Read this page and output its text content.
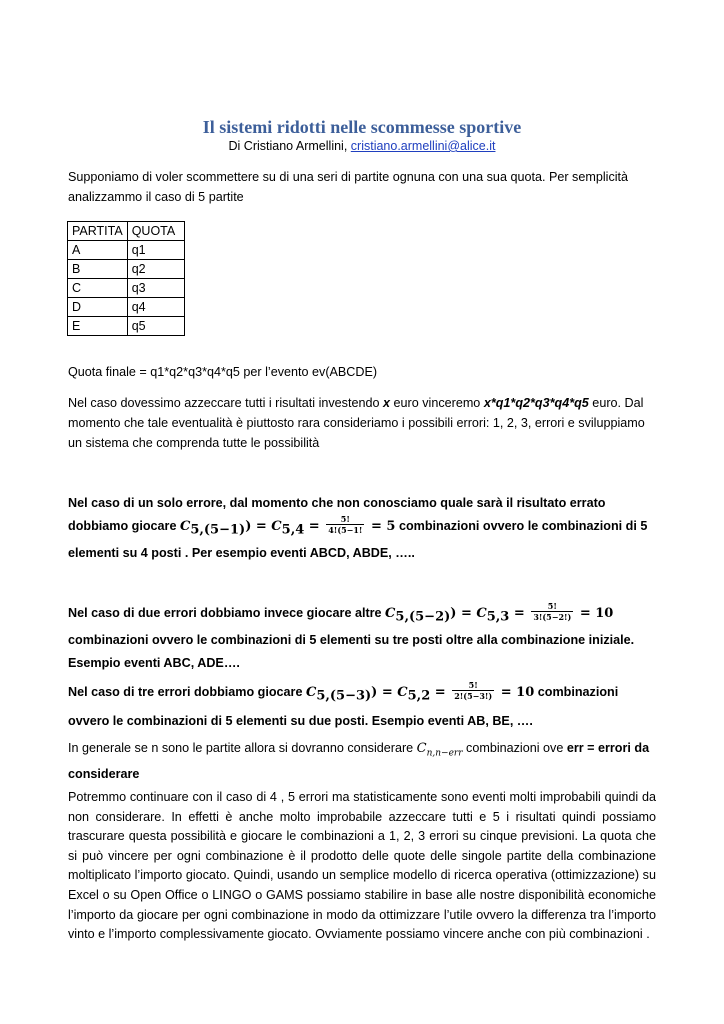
Il sistemi ridotti nelle scommesse sportive

Di Cristiano Armellini, cristiano.armellini@alice.it

Supponiamo di voler scommettere su di una seri di partite ognuna con una sua quota. Per semplicità analizzammo il caso di 5 partite

PARTITA	QUOTA
A	q1
B	q2
C	q3
D	q4
E	q5

Quota finale = q1*q2*q3*q4*q5 per l’evento ev(ABCDE)

Nel caso dovessimo azzeccare tutti i risultati investendo x euro vinceremo x*q1*q2*q3*q4*q5 euro. Dal momento che tale eventualità è piuttosto rara consideriamo i possibili errori: 1, 2, 3, errori e sviluppiamo un sistema che comprenda tutte le possibilità

Nel caso di un solo errore, dal momento che non conosciamo quale sarà il risultato errato dobbiamo giocare $C_{5,(5-1)}) = C_{5,4} = \frac{5!}{4!(5-1!} = 5$ combinazioni ovvero le combinazioni di 5 elementi su 4 posti . Per esempio eventi ABCD, ABDE, …..

Nel caso di due errori dobbiamo invece giocare altre $C_{5,(5-2)}) = C_{5,3} = \frac{5!}{3!(5-2!)} = 10$ combinazioni ovvero le combinazioni di 5 elementi su tre posti oltre alla combinazione iniziale. Esempio eventi ABC, ADE….

Nel caso di tre errori dobbiamo giocare $C_{5,(5-3)}) = C_{5,2} = \frac{5!}{2!(5-3!)} = 10$ combinazioni ovvero le combinazioni di 5 elementi su due posti. Esempio eventi AB, BE, ….

In generale se n sono le partite allora si dovranno considerare $C_{n,n-err}$ combinazioni ove err = errori da considerare

Potremmo continuare con il caso di 4 , 5 errori ma statisticamente sono eventi molti improbabili quindi da non considerare. In effetti è anche molto improbabile azzeccare tutti e 5 i risultati quindi possiamo trascurare questa possibilità e giocare le combinazioni a 1, 2, 3 errori su cinque previsioni. La quota che si può vincere per ogni combinazione è il prodotto delle quote delle singole partite della combinazione moltiplicato l’importo giocato. Quindi, usando un semplice modello di ricerca operativa (ottimizzazione) su Excel o su Open Office o LINGO o GAMS possiamo stabilire in base alle nostre disponibilità economiche l’importo da giocare per ogni combinazione in modo da ottimizzare l’utile ovvero la differenza tra l’importo vinto e l’importo complessivamente giocato. Ovviamente possiamo vincere anche con più combinazioni .
